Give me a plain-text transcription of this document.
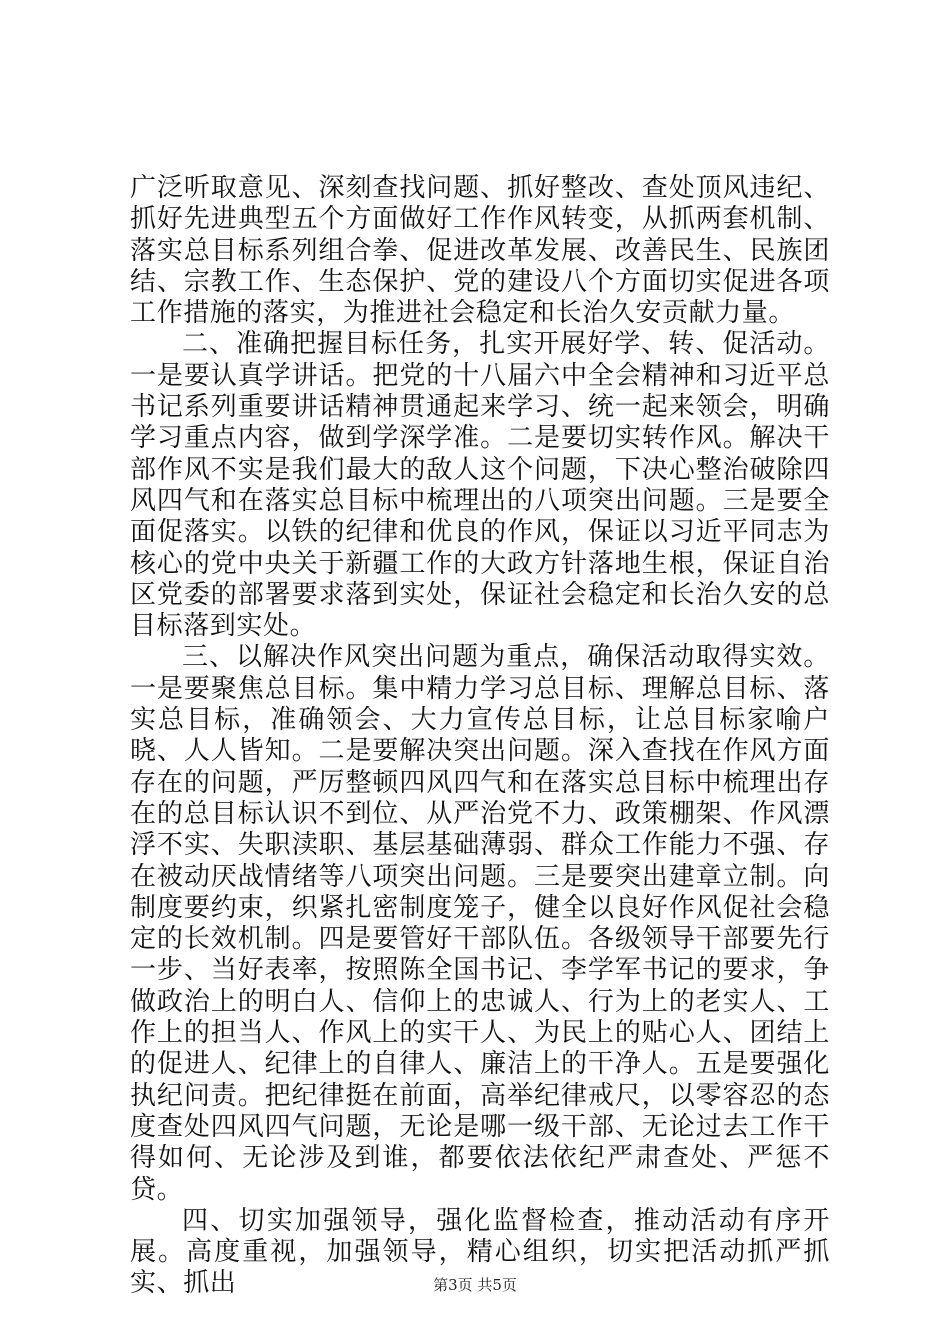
广泛听取意见、深刻查找问题、抓好整改、查处顶风违纪、抓好先进典型五个方面做好工作作风转变，从抓两套机制、落实总目标系列组合拳、促进改革发展、改善民生、民族团结、宗教工作、生态保护、党的建设八个方面切实促进各项工作措施的落实，为推进社会稳定和长治久安贡献力量。

二、准确把握目标任务，扎实开展好学、转、促活动。一是要认真学讲话。把党的十八届六中全会精神和习近平总书记系列重要讲话精神贯通起来学习、统一起来领会，明确学习重点内容，做到学深学准。二是要切实转作风。解决干部作风不实是我们最大的敌人这个问题，下决心整治破除四风四气和在落实总目标中梳理出的八项突出问题。三是要全面促落实。以铁的纪律和优良的作风，保证以习近平同志为核心的党中央关于新疆工作的大政方针落地生根，保证自治区党委的部署要求落到实处，保证社会稳定和长治久安的总目标落到实处。

三、以解决作风突出问题为重点，确保活动取得实效。一是要聚焦总目标。集中精力学习总目标、理解总目标、落实总目标，准确领会、大力宣传总目标，让总目标家喻户晓、人人皆知。二是要解决突出问题。深入查找在作风方面存在的问题，严厉整顿四风四气和在落实总目标中梳理出存在的总目标认识不到位、从严治党不力、政策棚架、作风漂浮不实、失职渎职、基层基础薄弱、群众工作能力不强、存在被动厌战情绪等八项突出问题。三是要突出建章立制。向制度要约束，织紧扎密制度笼子，健全以良好作风促社会稳定的长效机制。四是要管好干部队伍。各级领导干部要先行一步、当好表率，按照陈全国书记、李学军书记的要求，争做政治上的明白人、信仰上的忠诚人、行为上的老实人、工作上的担当人、作风上的实干人、为民上的贴心人、团结上的促进人、纪律上的自律人、廉洁上的干净人。五是要强化执纪问责。把纪律挺在前面，高举纪律戒尺，以零容忍的态度查处四风四气问题，无论是哪一级干部、无论过去工作干得如何、无论涉及到谁，都要依法依纪严肃查处、严惩不贷。

四、切实加强领导，强化监督检查，推动活动有序开展。高度重视，加强领导，精心组织，切实把活动抓严抓实、抓出	第3页 共5页
